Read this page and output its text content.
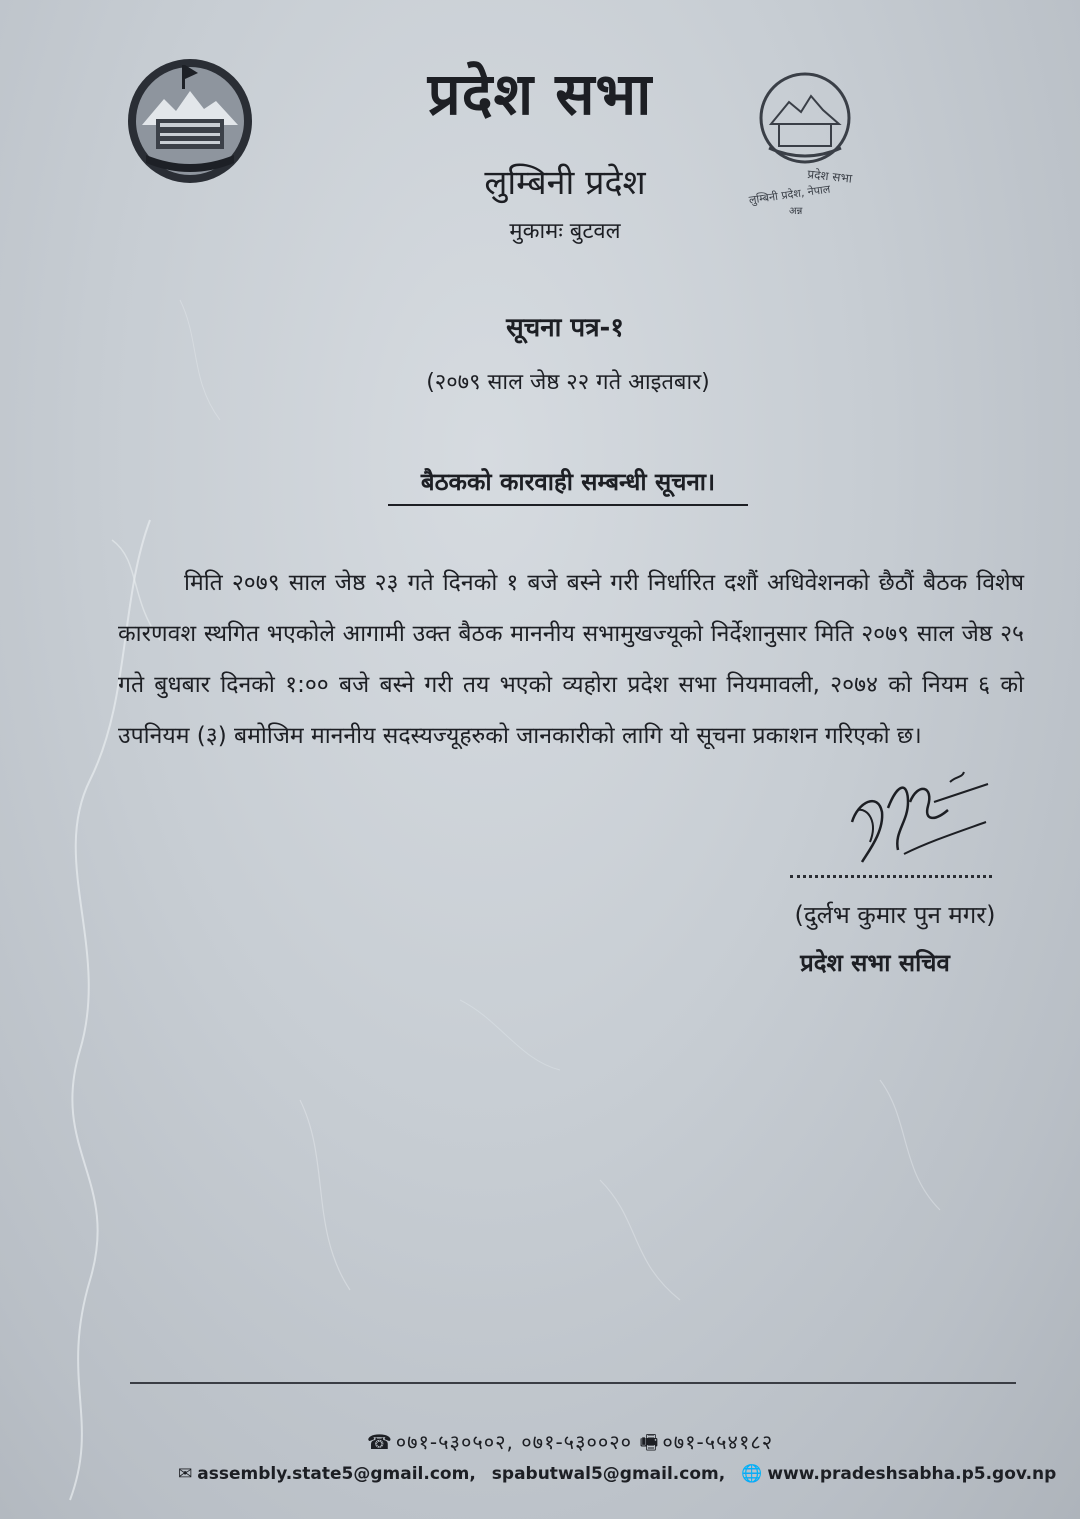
प्रदेश सभा
लुम्बिनी प्रदेश, नेपाल
अन्न
प्रदेश सभा
लुम्बिनी प्रदेश
मुकामः बुटवल
सूचना पत्र-१
(२०७९ साल जेष्ठ २२ गते आइतबार)
बैठकको कारवाही सम्बन्धी सूचना।
मिति २०७९ साल जेष्ठ २३ गते दिनको १ बजे बस्ने गरी निर्धारित दशौं अधिवेशनको छैठौं बैठक विशेष कारणवश स्थगित भएकोले आगामी उक्त बैठक माननीय सभामुखज्यूको निर्देशानुसार मिति २०७९ साल जेष्ठ २५ गते बुधबार दिनको १:०० बजे बस्ने गरी तय भएको व्यहोरा प्रदेश सभा नियमावली, २०७४ को नियम ६ को उपनियम (३) बमोजिम माननीय सदस्यज्यूहरुको जानकारीको लागि यो सूचना प्रकाशन गरिएको छ।
(दुर्लभ कुमार पुन मगर)
प्रदेश सभा सचिव
☎ ०७१-५३०५०२, ०७१-५३००२० 🖷 ०७१-५५४१८२
✉ assembly.state5@gmail.com, spabutwal5@gmail.com, 🌐 www.pradeshsabha.p5.gov.np
